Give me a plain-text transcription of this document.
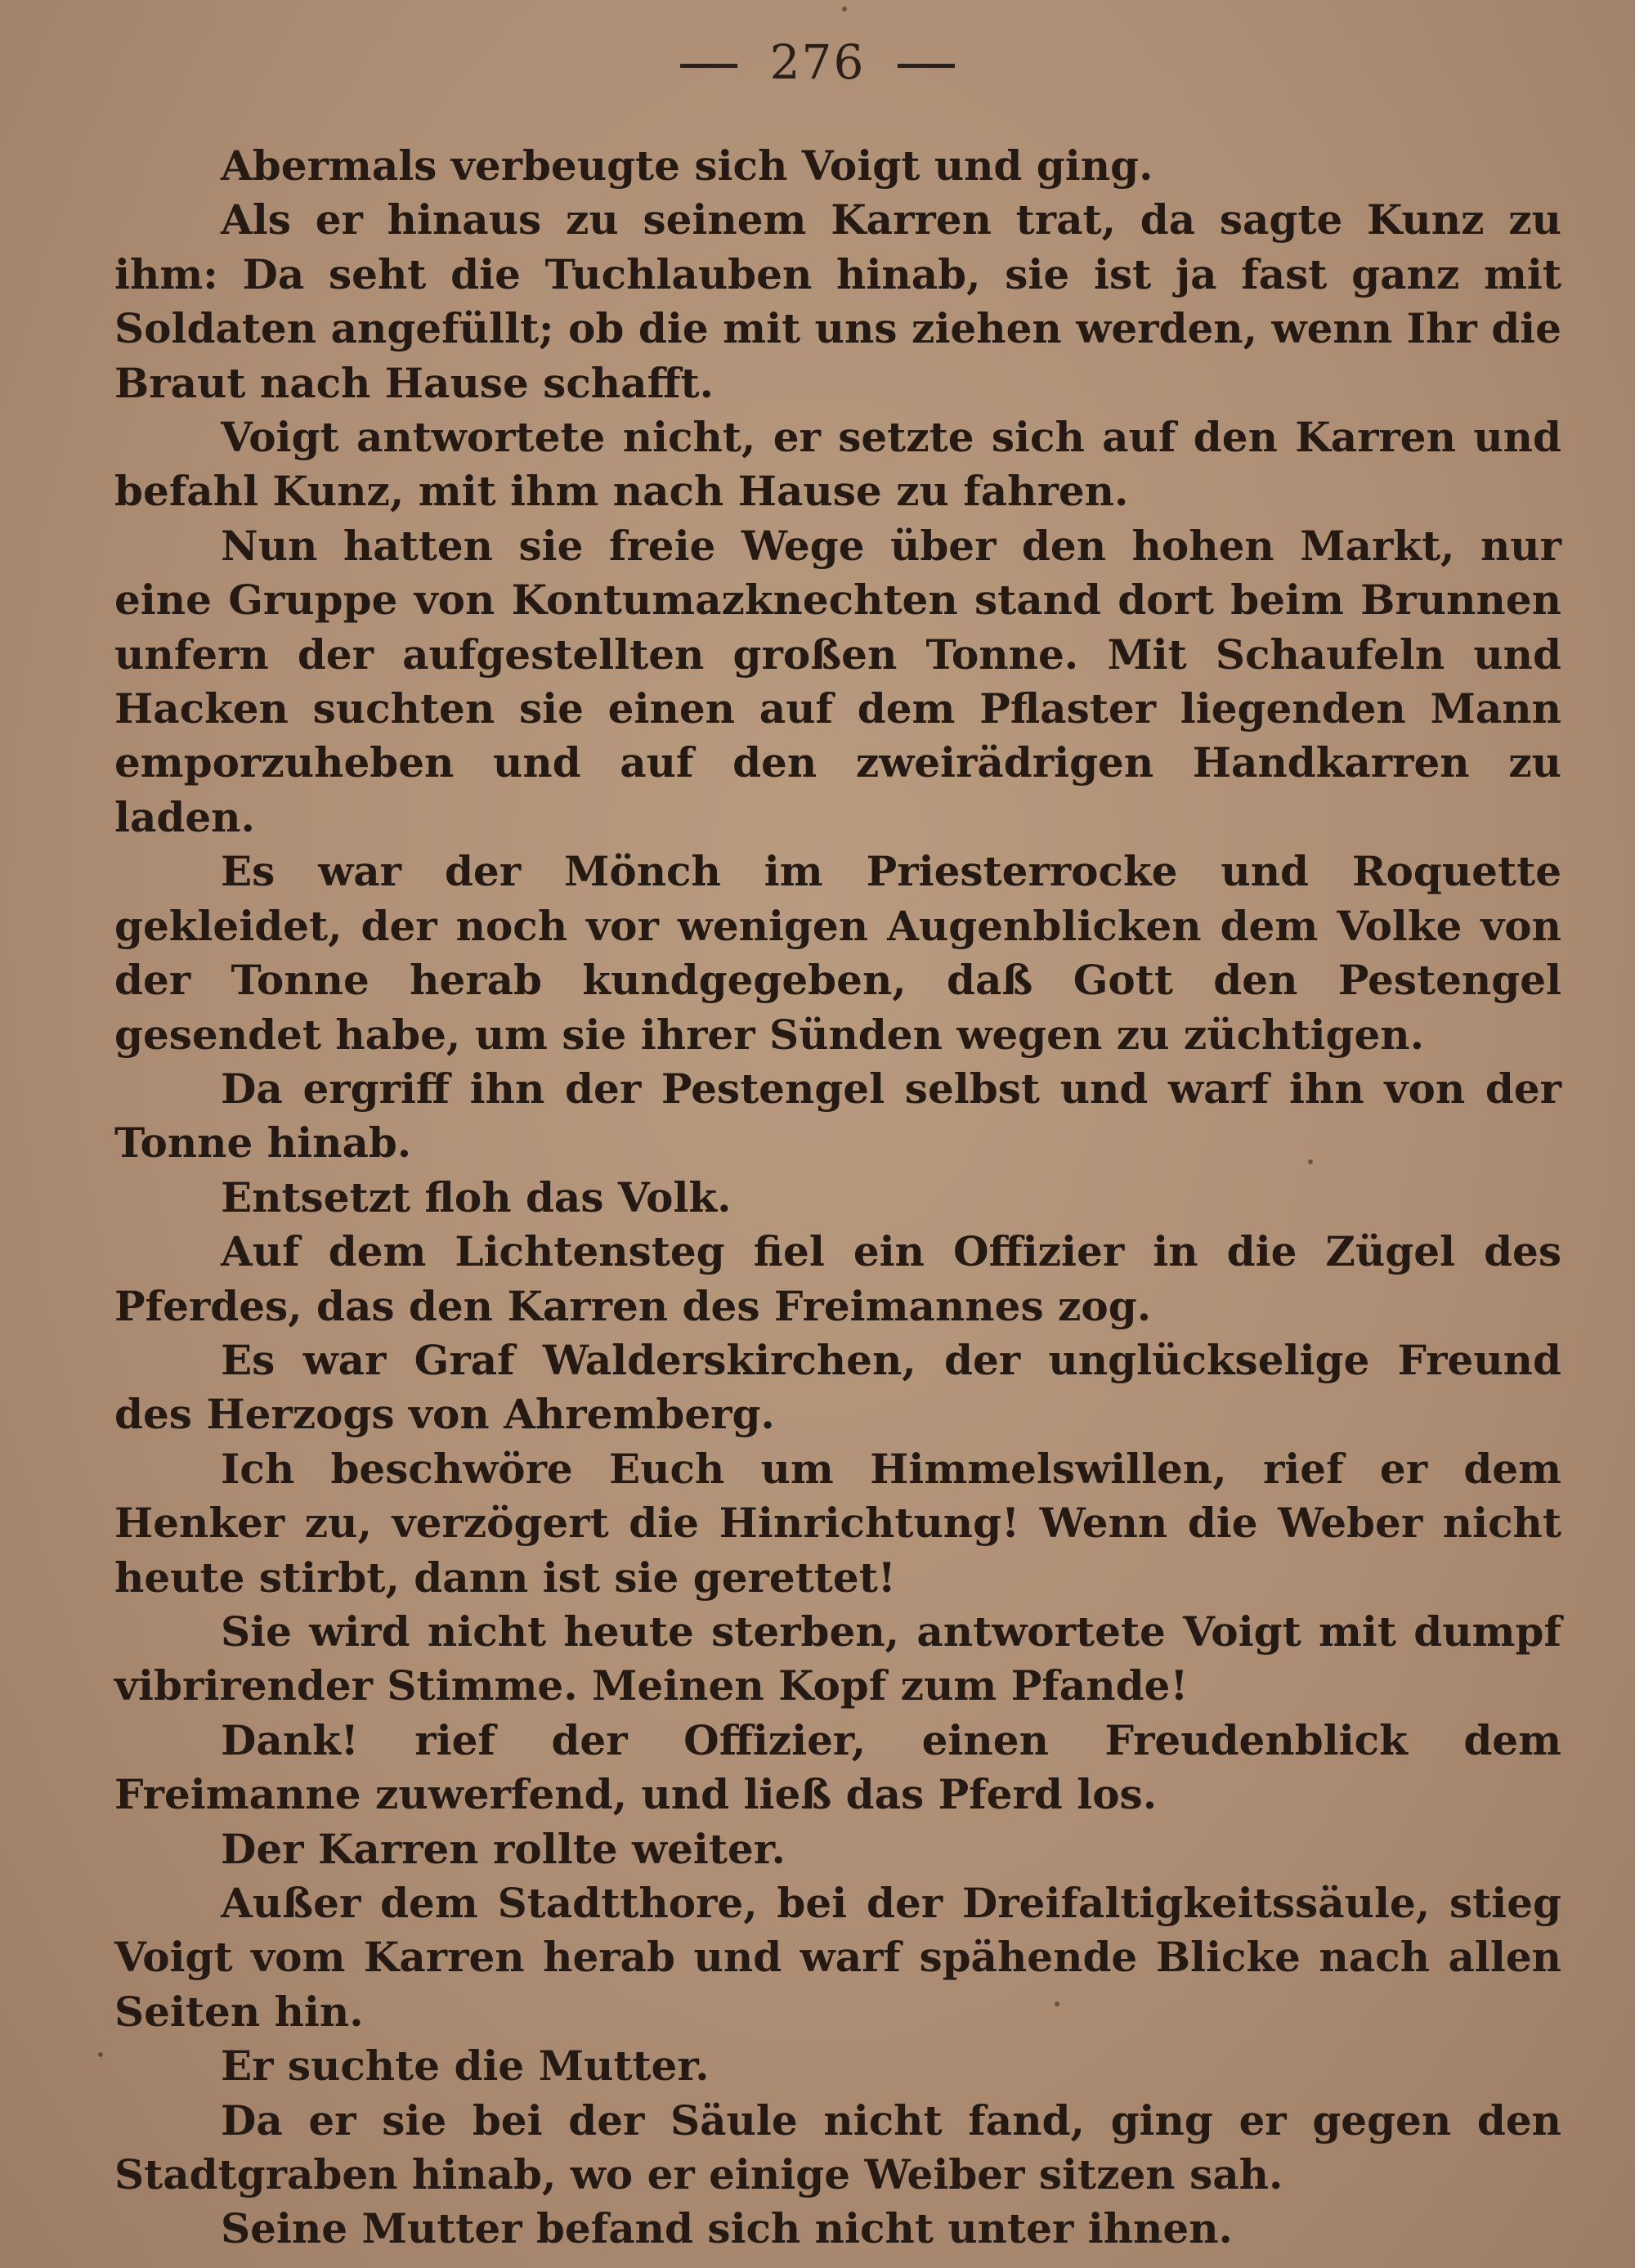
276

Abermals verbeugte sich Voigt und ging.

Als er hinaus zu seinem Karren trat, da sagte Kunz zu ihm: Da seht die Tuchlauben hinab, sie ist ja fast ganz mit Soldaten angefüllt; ob die mit uns ziehen werden, wenn Ihr die Braut nach Hause schafft.

Voigt antwortete nicht, er setzte sich auf den Karren und befahl Kunz, mit ihm nach Hause zu fahren.

Nun hatten sie freie Wege über den hohen Markt, nur eine Gruppe von Kontumazknechten stand dort beim Brunnen unfern der aufgestellten großen Tonne. Mit Schaufeln und Hacken suchten sie einen auf dem Pflaster liegenden Mann emporzuheben und auf den zweirädrigen Handkarren zu laden.

Es war der Mönch im Priesterrocke und Roquette gekleidet, der noch vor wenigen Augenblicken dem Volke von der Tonne herab kundgegeben, daß Gott den Pestengel gesendet habe, um sie ihrer Sünden wegen zu züchtigen.

Da ergriff ihn der Pestengel selbst und warf ihn von der Tonne hinab.

Entsetzt floh das Volk.

Auf dem Lichtensteg fiel ein Offizier in die Zügel des Pferdes, das den Karren des Freimannes zog.

Es war Graf Walderskirchen, der unglückselige Freund des Herzogs von Ahremberg.

Ich beschwöre Euch um Himmelswillen, rief er dem Henker zu, verzögert die Hinrichtung! Wenn die Weber nicht heute stirbt, dann ist sie gerettet!

Sie wird nicht heute sterben, antwortete Voigt mit dumpf vibrirender Stimme. Meinen Kopf zum Pfande!

Dank! rief der Offizier, einen Freudenblick dem Freimanne zuwerfend, und ließ das Pferd los.

Der Karren rollte weiter.

Außer dem Stadtthore, bei der Dreifaltigkeitssäule, stieg Voigt vom Karren herab und warf spähende Blicke nach allen Seiten hin.

Er suchte die Mutter.

Da er sie bei der Säule nicht fand, ging er gegen den Stadtgraben hinab, wo er einige Weiber sitzen sah.

Seine Mutter befand sich nicht unter ihnen.
